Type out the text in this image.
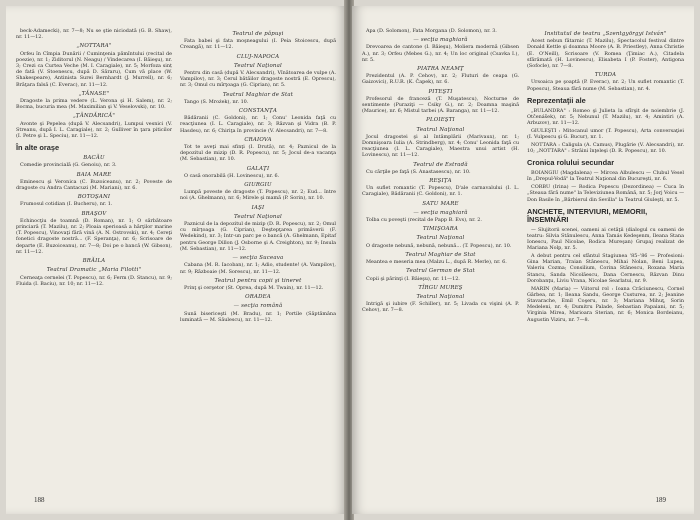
beck-Adamecki), nr. 7—8; Nu se ştie niciodată (G. B. Shaw), nr. 11—12.

„NOTTARA"

Orfeu în Cîmpia Dunării / Cuminţenia pămîntului (recital de poezie), nr. 1; Ziditorul (N. Neagu) / Vindecarea (I. Băieşu), nr. 3; Crezi ca Curtea Veche (M. I. Caragiale), nr. 5; Morfoza sinț de fată (V. Stoenescu, după D. Săraru), Cum vă place (W. Shakespeare), Antinista Surei Bernhardt (J. Murrell), nr. 6; Brăţara falsă (C. Everac), nr. 11—12.

„TĂNASE"

Dragoste la prima vedere (L. Verona şi H. Salem), nr. 2; Bocma, bucuria mea (M. Maximilian şi V. Veselovski), nr. 10.

„ŢĂNDĂRICĂ"

Avonte şi Pepelea (după V. Alecsandri), Lumpui vesnici (V. Streanu, după I. L. Caragiale), nr. 2; Gulliver în ţara piticilor (I. Petre şi L. Speciu), nr. 11—12.

În alte oraşe
BACĂU

Comedie provincială (G. Genoiu), nr. 3.

BAIA MARE

Eminescu şi Veronica (C. Buzoiceanu), nr. 2; Poveste de dragoste cu Andra Cantacuzi (M. Mariani), nr. 6.

BOTOŞANI

Frumosul cotidian (I. Bucheru), nr. 1.

BRAŞOV

Echinocţiu de toamnă (D. Roman), nr. 1; O sărbătoare princiară (T. Mazilu), nr. 2; Ploaia sperioasă a hărţilor marine (T. Popescu), Vinovaţi fără vină (A. N. Ostrovski), nr. 4; Cereţi fonetici dragoste nostră... (F. Speranţa), nr. 6; Scrisoare de departe (E. Buzoiceanu), nr. 7—8; Doi pe o bancă (W. Gibson), nr. 11—12.

BRĂILA
Teatrul Dramatic „Maria Filotti"

Cerneaţa cernelei (T. Popescu), nr. 6; Ferm (D. Stancu), nr. 9; Fluida (I. Baciu), nr. 10; nr. 11—12.

Teatrul de păpuşi

Fata babei şi fata moşneagului (I. Peia Stoicescu, după Creangă), nr. 11—12.

CLUJ-NAPOCA
Teatrul Naţional

Pentru din casă (după V. Alecsandri), Vînătoarea de vulpe (A. Vampilov), nr. 3; Cerul bătăilor dragoste nostră (E. Oprescu), nr. 3; Omul cu mîrţoaga (G. Ciprian), nr. 5.

Teatrul Maghiar de Stat

Tango (S. Mrożek), nr. 10.

CONSTANŢA

Bădăranii (C. Goldoni), nr. 1; Conu' Leonida faţă cu reacţiunea (I. L. Caragiale), nr. 3; Răzvan şi Vidra (B. P. Hasdeu), nr. 6; Chiriţa în provincie (V. Alecsandri), nr. 7—8.

CRAIOVA

Tot te aveţi mai sfinţi (I. Drută), nr. 4; Paznicul de la depozitul de mizip (D. R. Popescu), nr. 5; Jocul de-a vacanţa (M. Sebastian), nr. 10.

GALAŢI

O casă onorabilă (H. Lovinescu), nr. 6.

GIURGIU

Lumpă poveste de dragoste (T. Popescu), nr. 2; Eud... între noi (A. Ghelmann), nr. 6; Mirele şi mamă (P. Sorin), nr. 10.

IAŞI
Teatrul Naţional

Paznicul de la depozitul de mizip (D. R. Popescu), nr. 2; Omul cu mîrţoaga (G. Ciprian), Deştepţarea primăverii (F. Wedekind), nr. 3; Intr-un parc pe o bancă (A. Ghelmann, Epitaf pentru George Dillon (J. Osborne şi A. Creighton), nr. 9; Insula (M. Sebastian), nr. 11—12.

— secţia Suceava

Cabana (M. R. Iacoban), nr. 1; Adio, studente! (A. Vampilov), nr. 9; Războaie (M. Sorescu), nr. 11—12.

Teatrul pentru copii şi tineret

Prinţ şi cerşetor (St. Oprea, după M. Twain), nr. 11—12.

ORADEA
— secţia română

Sună bisericeşti (M. Bradu), nr. 1; Portile (Săptămâna luminată — M. Săulescu), nr. 11—12.

188

Apa (D. Solomon), Fata Morgana (D. Solomon), nr. 3.

— secţia maghiară

Drevoarea de cantone (I. Băieşu), Moliera modernă (Gibsen A.), nr. 3; Orfeu (Mebes G.), nr. 4; Un loc original (Csavka I.), nr. 5.

PIATRA NEAMŢ

Prezidentul (A. P. Cehov), nr. 2; Fluturi de ceapa (G. Gaizovici), R.U.R. (K. Čapek), nr. 6.

PITEŞTI

Profesorul de franceză (T. Muşatescu), Nocturne de sentimente (Puraziţi — Csiky G.), nr. 2; Doamna maşină (Maurice), nr. 6; Mistul tarbei (A. Baranga), nr. 11—12.

PLOIEŞTI
Teatrul Naţional

Jocul dragostei şi al întâmplării (Marivaux), nr. 1; Domnişoara Iulia (A. Strindberg), nr. 4; Conu' Leonida faţă cu reacţiunea (I. L. Caragiale), Maestra unui artist (H. Lovinescu), nr. 11—12.

Teatrul de Estradă

Cu cărţile pe faţă (S. Anastasescu), nr. 10.

REŞIŢA

Un suflet romantic (T. Popescu), D'ale carnavalului (I. L. Caragiale), Bădăranii (C. Goldoni), nr. 1.

SATU MARE
— secţia maghiară

Tolba cu poveşti (recital de Papp B. Evs), nr. 2.

TIMIŞOARA
Teatrul Naţional

O dragoste nebună, nebună, nebună... (T. Popescu), nr. 10.

Teatrul Maghiar de Stat

Meantea e meseria mea (Malzu L., după R. Merle), nr. 6.

Teatrul German de Stat

Copii şi părinţi (I. Băieşu), nr. 11—12.

TÎRGU MUREŞ
Teatrul Naţional

Intrigă şi iubire (F. Schiller), nr. 5; Livada cu vişini (A. P. Cehov), nr. 7—8.

Institutul de teatru „Szentgyörgyi István"

Acest nebun fătarnic (T. Mazilu), Spectacolul festival dintre Donald Kettle şi doamna Moore (A. B. Priestley), Anna Christie (E. O'Neill), Scrisoare (V. Romea (Ţimiac A.), Citadela sfărâmată (H. Lovinescu), Elisabeta I (P. Foster), Antigona (Sofocle), nr. 7—8.

TURDA

Ursoaica pe şoaptă (P. Everac), nr. 2; Un suflet romantic (T. Popescu), Steaua fără nume (M. Sebastian), nr. 4.

Reprezentaţii ale

„BULANDRA" : Romeo şi Julieta la sfîrşit de noiembrie (J. Otčenášek), nr. 5; Nebunul (T. Mazilu), nr. 4; Amintiri (A. Arbuzov), nr. 11—12.

GIULEŞTI : Mitocanul umor (T. Popescu), Arta conversaţiei (I. Vulpescu şi G. Bucur), nr. 1.

NOTTARA : Caligula (A. Camus), Plugărie (V. Alecsandri), nr. 10; „NOTTARA" : Străini înţeleşi (D. R. Popescu), nr. 10.

Cronica rolului secundar

BOIANGIU (Magdalena) — Mircea Albulescu — Clubul Vesel în „Drepul-Vodă" la Teatrul Naţional din Bucureşti, nr. 6.

CORBU (Irina) — Rodica Popescu (Dezordinea) — Cuca în „Steaua fără nume" la Televiziunea Română, nr. 5; Jorj Voicu — Don Basile în „Bărbierul din Sevilla" la Teatrul Giuleşti, nr. 5.

ANCHETE, INTERVIURI, MEMORII, ÎNSEMNĂRI

— Slujitorii scenei, oameni ai cetăţii (dialogul cu oameni de teatru: Silvia Stănulescu, Anna Tamás Kedeşenm, Ileana Stana Ionescu, Paul Nicolae, Rodica Mureşan) Grupaj realizat de Mariana Nolp, nr. 5.

A debut pentru cel sfântul Stagiunea '85–'86 — Profesioni: Gina Marian, Traian Stănescu, Mihai Nolan, Beni Lupea, Valeriu Cozma; Consilium, Corina Stănescu, Roxana Maria Stancu, Sanda Nicolăescu, Dana Cernescu, Răzvan Dinu Dorobanţu, Liviu Vrana, Nicolae Searlatui, nr. 9.

MARIN (Maria) — Viitorul rol : Ioana Crăciunescu, Cornel Gârbea, nr. 1; Ileana Sandu, George Custurea, nr. 2; Jeanine Stavarache, Emil Coşeru, nr. 3; Mariana Mihuţ, Sorin Medeleni, nr. 4; Dumitru Palade, Sebastian Papaiani, nr. 5; Virginia Mirea, Marioara Sterian, nr. 6; Monica Bordeianu, Augustin Viziru, nr. 7—8.

189
